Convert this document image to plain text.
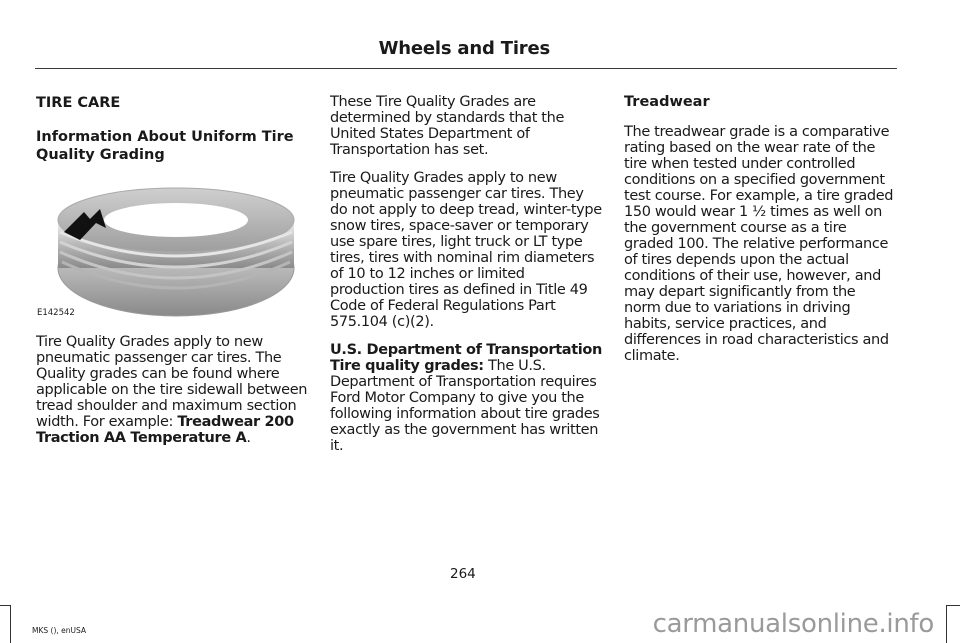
Wheels and Tires
TIRE CARE
Information About Uniform Tire Quality Grading
E142542

Tire Quality Grades apply to new pneumatic passenger car tires. The Quality grades can be found where applicable on the tire sidewall between tread shoulder and maximum section width. For example: Treadwear 200 Traction AA Temperature A.

These Tire Quality Grades are determined by standards that the United States Department of Transportation has set.

Tire Quality Grades apply to new pneumatic passenger car tires. They do not apply to deep tread, winter-type snow tires, space-saver or temporary use spare tires, light truck or LT type tires, tires with nominal rim diameters of 10 to 12 inches or limited production tires as defined in Title 49 Code of Federal Regulations Part 575.104 (c)(2).

U.S. Department of Transportation Tire quality grades: The U.S. Department of Transportation requires Ford Motor Company to give you the following information about tire grades exactly as the government has written it.

Treadwear

The treadwear grade is a comparative rating based on the wear rate of the tire when tested under controlled conditions on a specified government test course. For example, a tire graded 150 would wear 1 ½ times as well on the government course as a tire graded 100. The relative performance of tires depends upon the actual conditions of their use, however, and may depart significantly from the norm due to variations in driving habits, service practices, and differences in road characteristics and climate.

264
MKS (), enUSA	carmanualsonline.info
